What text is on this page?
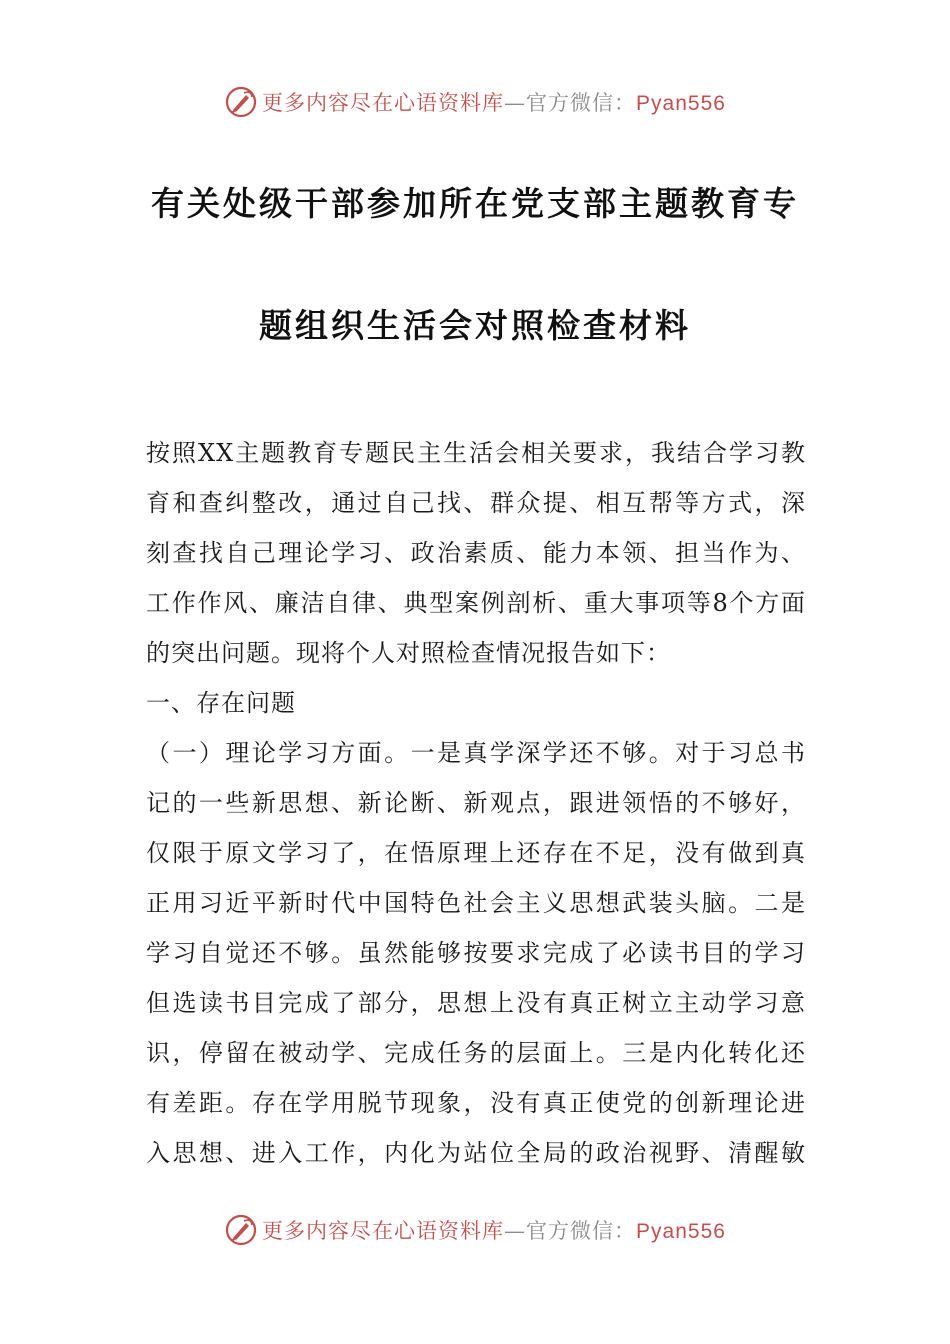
更多内容尽在心语资料库—官方微信：Pyan556
有关处级干部参加所在党支部主题教育专
题组织生活会对照检查材料
按照XX主题教育专题民主生活会相关要求，我结合学习教
育和查纠整改，通过自己找、群众提、相互帮等方式，深
刻查找自己理论学习、政治素质、能力本领、担当作为、
工作作风、廉洁自律、典型案例剖析、重大事项等8个方面
的突出问题。现将个人对照检查情况报告如下：
一、存在问题
（一）理论学习方面。一是真学深学还不够。对于习总书
记的一些新思想、新论断、新观点，跟进领悟的不够好，
仅限于原文学习了，在悟原理上还存在不足，没有做到真
正用习近平新时代中国特色社会主义思想武装头脑。二是
学习自觉还不够。虽然能够按要求完成了必读书目的学习
但选读书目完成了部分，思想上没有真正树立主动学习意
识，停留在被动学、完成任务的层面上。三是内化转化还
有差距。存在学用脱节现象，没有真正使党的创新理论进
入思想、进入工作，内化为站位全局的政治视野、清醒敏
更多内容尽在心语资料库—官方微信：Pyan556
